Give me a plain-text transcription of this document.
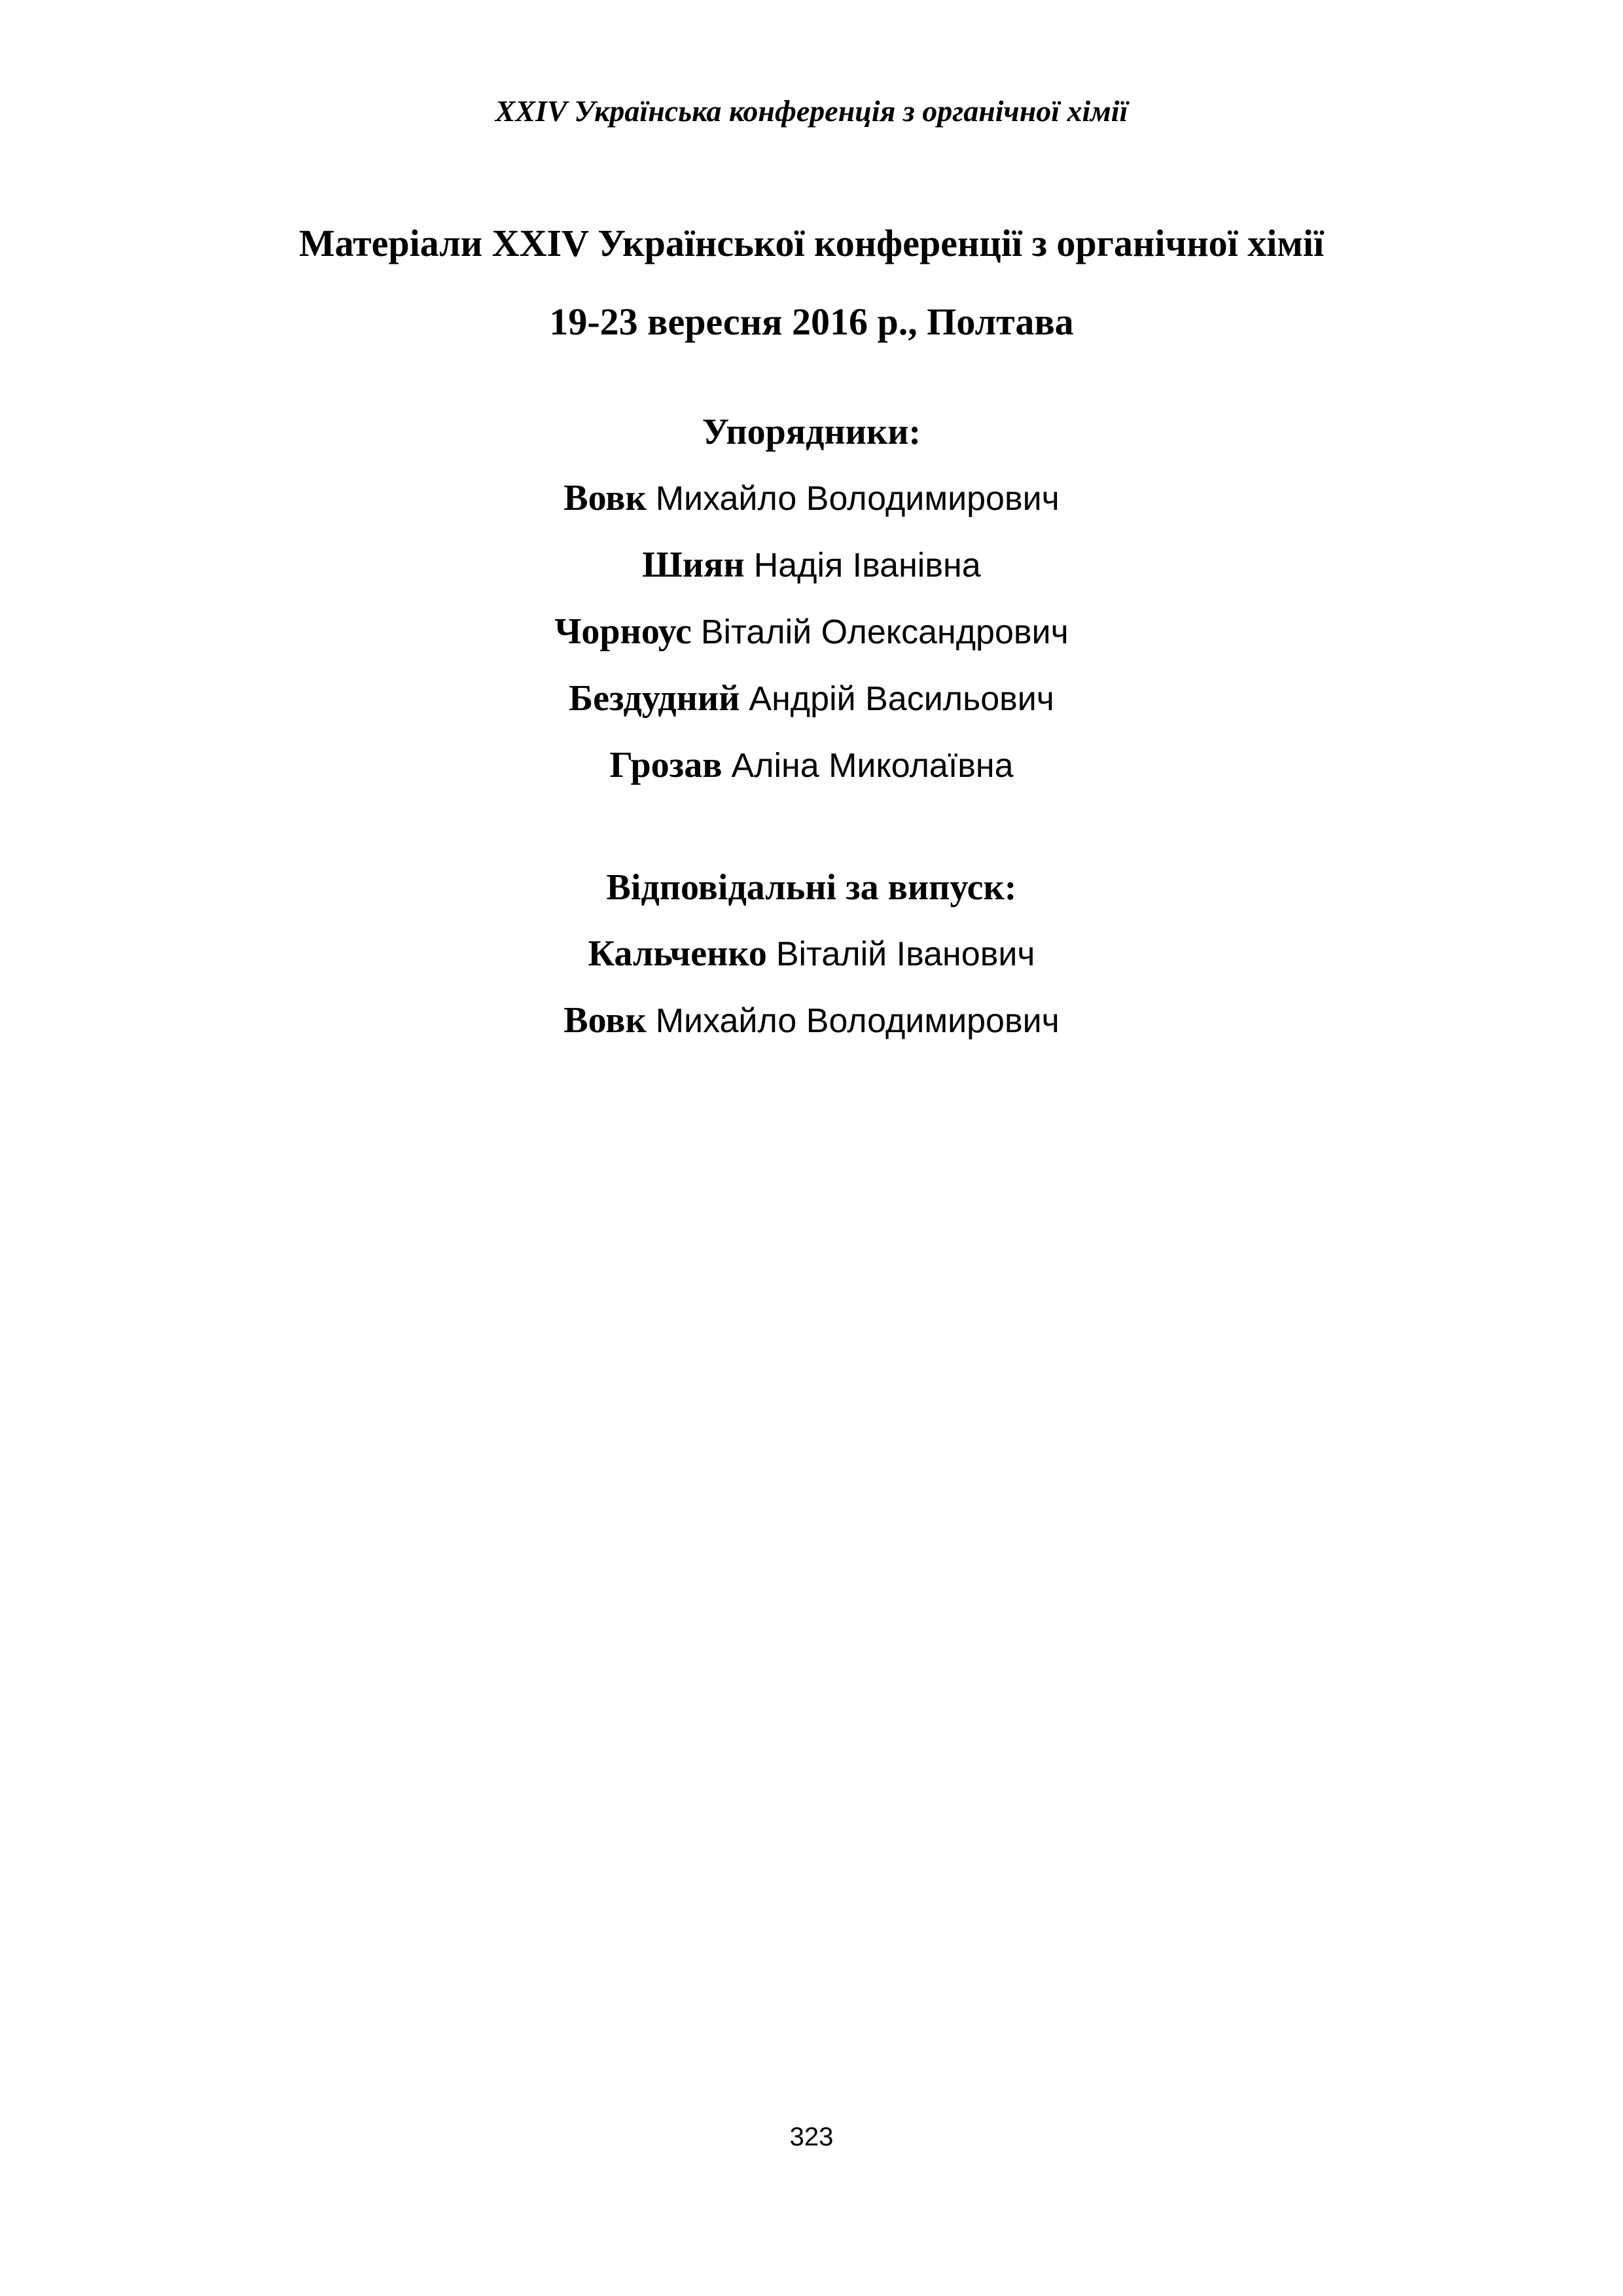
XXIV Українська конференція з органічної хімії
Матеріали XXIV Української конференції з органічної хімії
19-23 вересня 2016 р., Полтава
Упорядники:
Вовк Михайло Володимирович
Шиян Надія Іванівна
Чорноус Віталій Олександрович
Бездудний Андрій Васильович
Грозав Аліна Миколаївна
Відповідальні за випуск:
Кальченко Віталій Іванович
Вовк Михайло Володимирович
323
